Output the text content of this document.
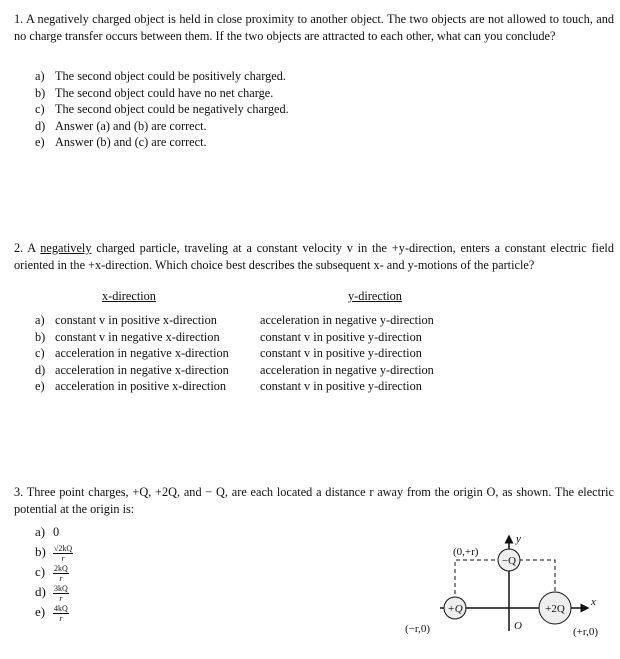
1. A negatively charged object is held in close proximity to another object. The two objects are not allowed to touch, and no charge transfer occurs between them. If the two objects are attracted to each other, what can you conclude?
a) The second object could be positively charged.
b) The second object could have no net charge.
c) The second object could be negatively charged.
d) Answer (a) and (b) are correct.
e) Answer (b) and (c) are correct.
2. A negatively charged particle, traveling at a constant velocity v in the +y-direction, enters a constant electric field oriented in the +x-direction. Which choice best describes the subsequent x- and y-motions of the particle?
x-direction	y-direction
a) constant v in positive x-direction	acceleration in negative y-direction
b) constant v in negative x-direction	constant v in positive y-direction
c) acceleration in negative x-direction	constant v in positive y-direction
d) acceleration in negative x-direction	acceleration in negative y-direction
e) acceleration in positive x-direction	constant v in positive y-direction
3. Three point charges, +Q, +2Q, and − Q, are each located a distance r away from the origin O, as shown. The electric potential at the origin is:
a) 0
$b) \frac{√2kQ}{r}$
$c) \frac{2kQ}{r}$
$d) \frac{3kQ}{r}$
$e) \frac{4kQ}{r}$	+Q	+2Q
−Q
(0,+r)
(−r,0)	(+r,0)
O
y
x
